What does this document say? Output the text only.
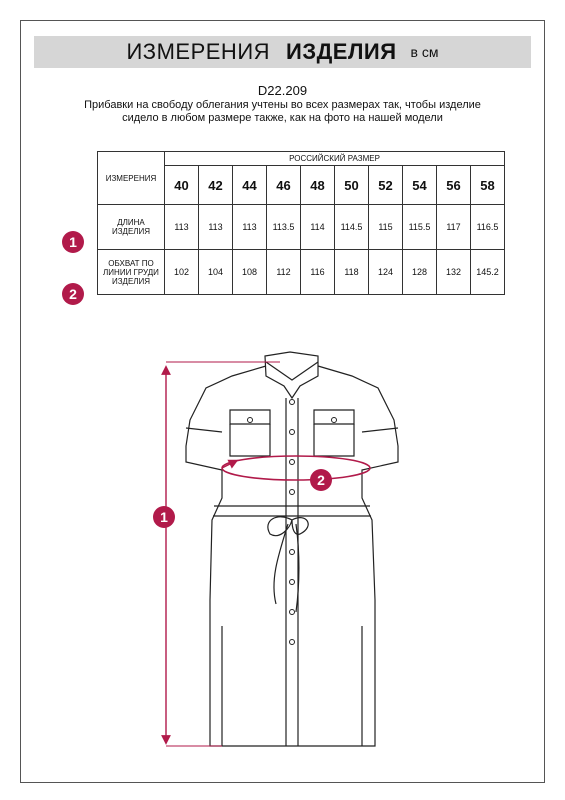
ИЗМЕРЕНИЯ ИЗДЕЛИЯ в см
D22.209
Прибавки на свободу облегания учтены во всех размерах так, чтобы изделие сидело в любом размере также, как на фото на нашей модели
ИЗМЕРЕНИЯ	РОССИЙСКИЙ РАЗМЕР									
	40	42	44	46	48	50	52	54	56	58
ДЛИНА ИЗДЕЛИЯ	113	113	113	113.5	114	114.5	115	115.5	117	116.5
ОБХВАТ ПО ЛИНИИ ГРУДИ ИЗДЕЛИЯ	102	104	108	112	116	118	124	128	132	145.2
1
2
1
2
